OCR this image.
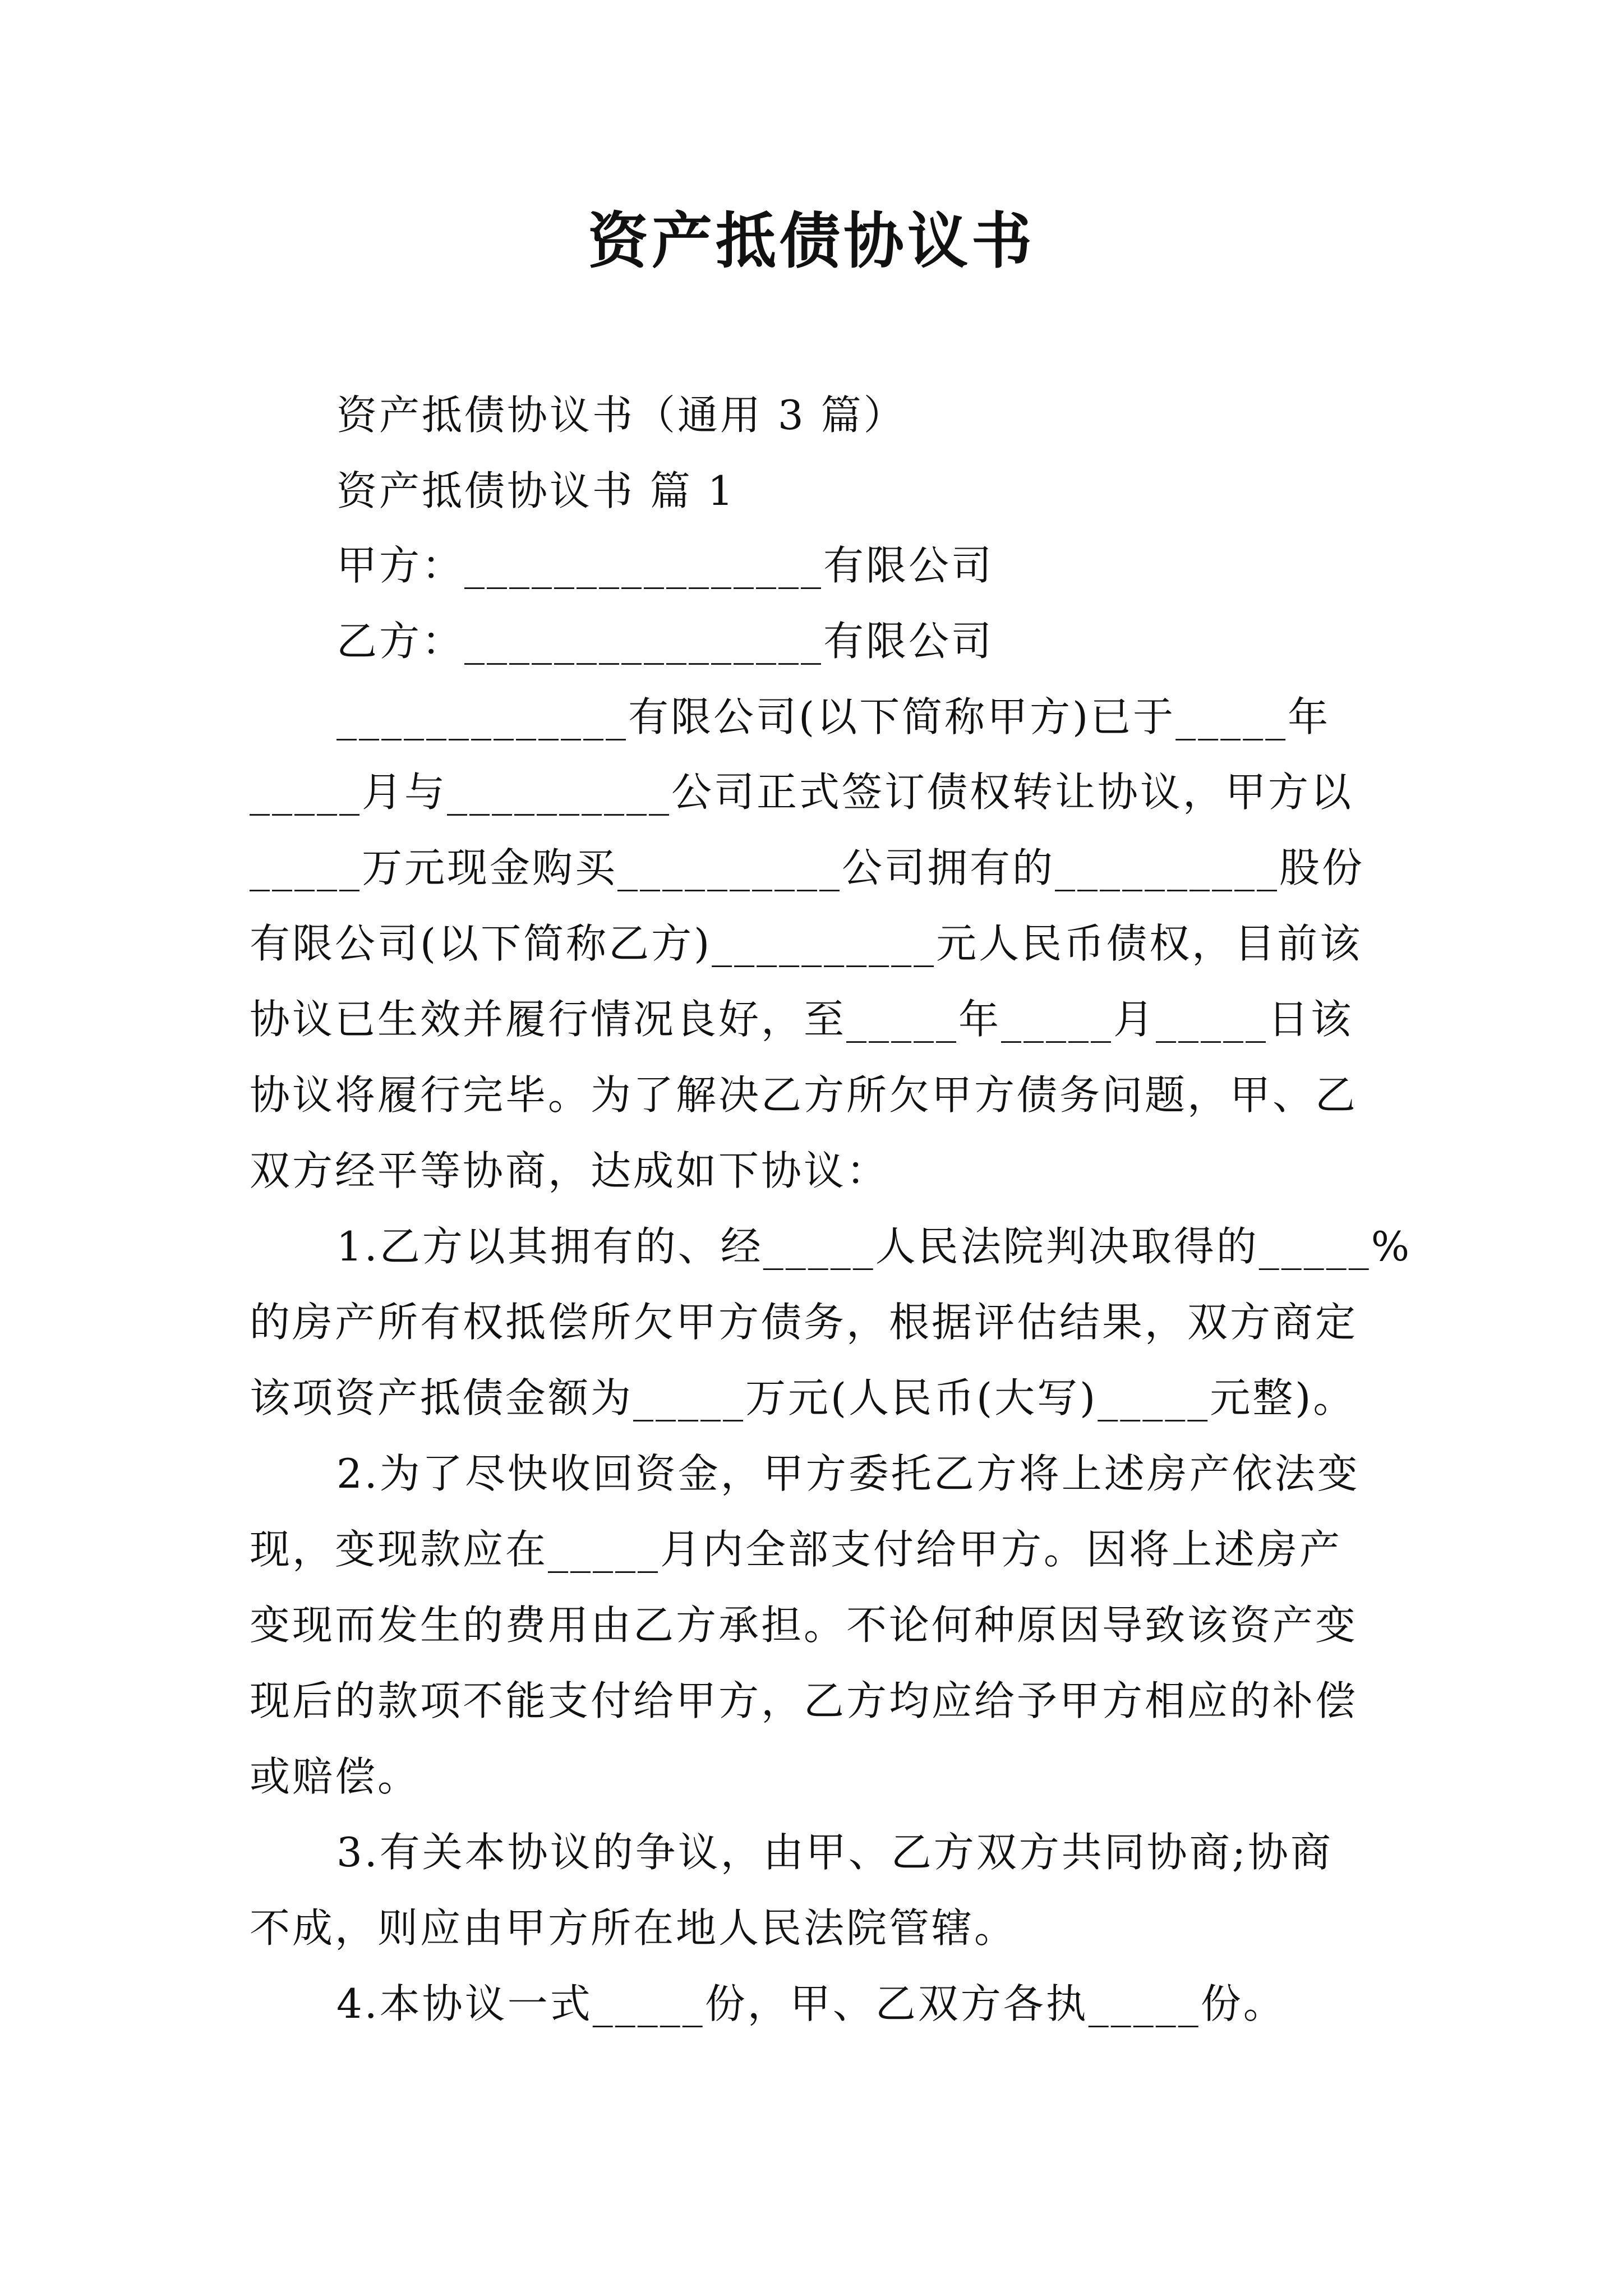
资产抵债协议书
资产抵债协议书（通用 3 篇）
资产抵债协议书 篇 1
甲方：________________有限公司
乙方：________________有限公司
_____________有限公司(以下简称甲方)已于_____年
_____月与__________公司正式签订债权转让协议，甲方以
_____万元现金购买__________公司拥有的__________股份
有限公司(以下简称乙方)__________元人民币债权，目前该
协议已生效并履行情况良好，至_____年_____月_____日该
协议将履行完毕。为了解决乙方所欠甲方债务问题，甲、乙
双方经平等协商，达成如下协议：
1.乙方以其拥有的、经_____人民法院判决取得的_____%
的房产所有权抵偿所欠甲方债务，根据评估结果，双方商定
该项资产抵债金额为_____万元(人民币(大写)_____元整)。
2.为了尽快收回资金，甲方委托乙方将上述房产依法变
现，变现款应在_____月内全部支付给甲方。因将上述房产
变现而发生的费用由乙方承担。不论何种原因导致该资产变
现后的款项不能支付给甲方，乙方均应给予甲方相应的补偿
或赔偿。
3.有关本协议的争议，由甲、乙方双方共同协商;协商
不成，则应由甲方所在地人民法院管辖。
4.本协议一式_____份，甲、乙双方各执_____份。
